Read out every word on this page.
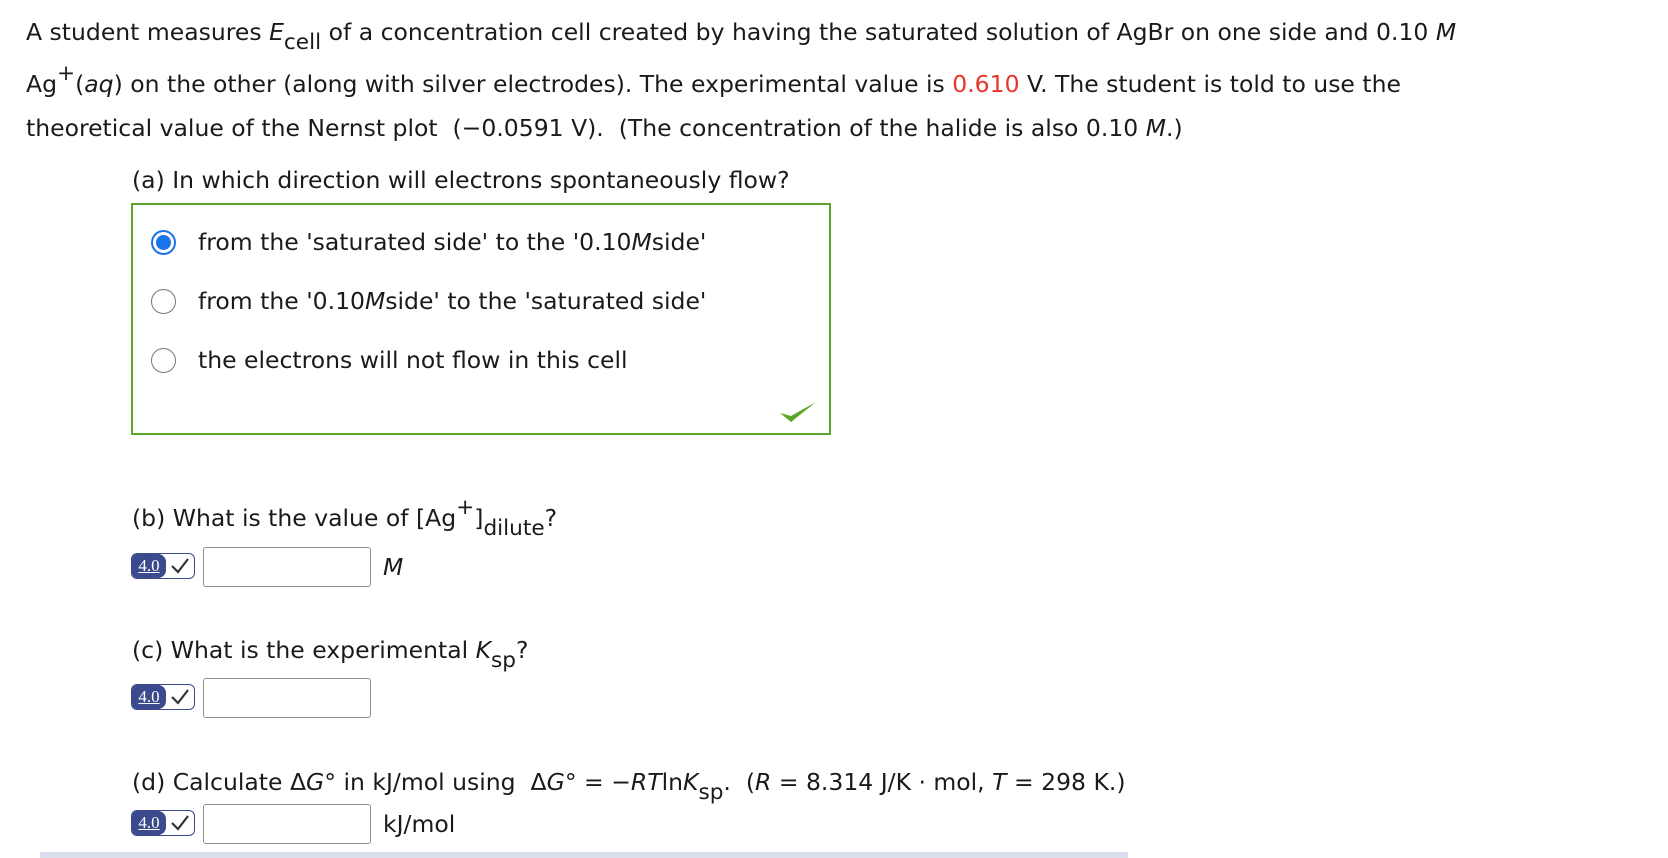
A student measures $E_{cell}$ of a concentration cell created by having the saturated solution of AgBr on one side and 0.10 M
Ag+(aq) on the other (along with silver electrodes). The experimental value is 0.610 V. The student is told to use the
theoretical value of the Nernst plot  (−0.0591 V).  (The concentration of the halide is also 0.10 M.)
(a) In which direction will electrons spontaneously flow?
from the 'saturated side' to the '0.10 M side'
from the '0.10 M side' to the 'saturated side'
the electrons will not flow in this cell
(b) What is the value of $[Ag^+]_{dilute}$?
4.0	M
(c) What is the experimental $K_{sp}$?
4.0
(d) Calculate ΔG° in kJ/mol using  ΔG° = −RTlnK$_{sp}$.  (R = 8.314 J/K · mol, T = 298 K.)
4.0	kJ/mol
